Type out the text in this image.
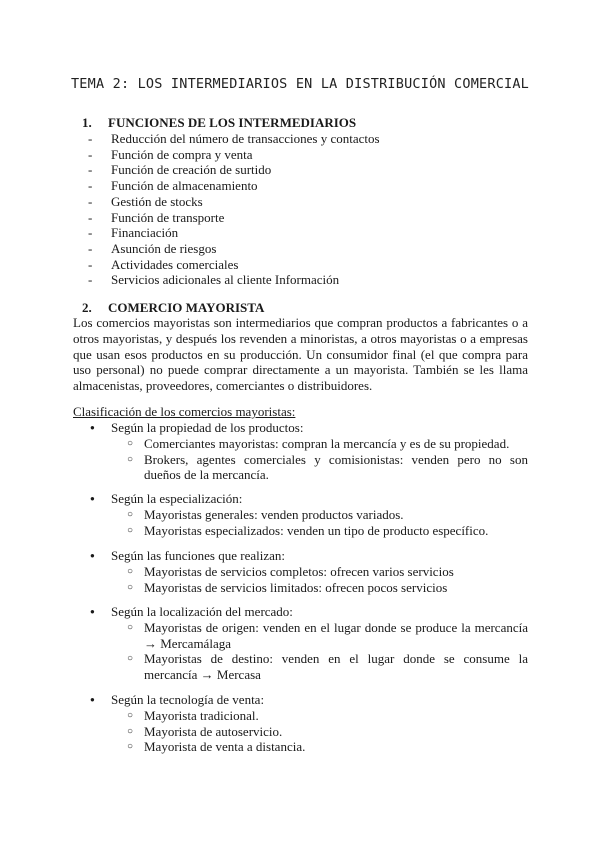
TEMA 2: LOS INTERMEDIARIOS EN LA DISTRIBUCIÓN COMERCIAL
1. FUNCIONES DE LOS INTERMEDIARIOS
- Reducción del número de transacciones y contactos
- Función de compra y venta
- Función de creación de surtido
- Función de almacenamiento
- Gestión de stocks
- Función de transporte
- Financiación
- Asunción de riesgos
- Actividades comerciales
- Servicios adicionales al cliente Información
2. COMERCIO MAYORISTA
Los comercios mayoristas son intermediarios que compran productos a fabricantes o a otros mayoristas, y después los revenden a minoristas, a otros mayoristas o a empresas que usan esos productos en su producción. Un consumidor final (el que compra para uso personal) no puede comprar directamente a un mayorista. También se les llama almacenistas, proveedores, comerciantes o distribuidores.
Clasificación de los comercios mayoristas:
● Según la propiedad de los productos:
○ Comerciantes mayoristas: compran la mercancía y es de su propiedad.
○ Brokers, agentes comerciales y comisionistas: venden pero no son dueños de la mercancía.
● Según la especialización:
○ Mayoristas generales: venden productos variados.
○ Mayoristas especializados: venden un tipo de producto específico.
● Según las funciones que realizan:
○ Mayoristas de servicios completos: ofrecen varios servicios
○ Mayoristas de servicios limitados: ofrecen pocos servicios
● Según la localización del mercado:
○ Mayoristas de origen: venden en el lugar donde se produce la mercancía → Mercamálaga
○ Mayoristas de destino: venden en el lugar donde se consume la mercancía → Mercasa
● Según la tecnología de venta:
○ Mayorista tradicional.
○ Mayorista de autoservicio.
○ Mayorista de venta a distancia.
